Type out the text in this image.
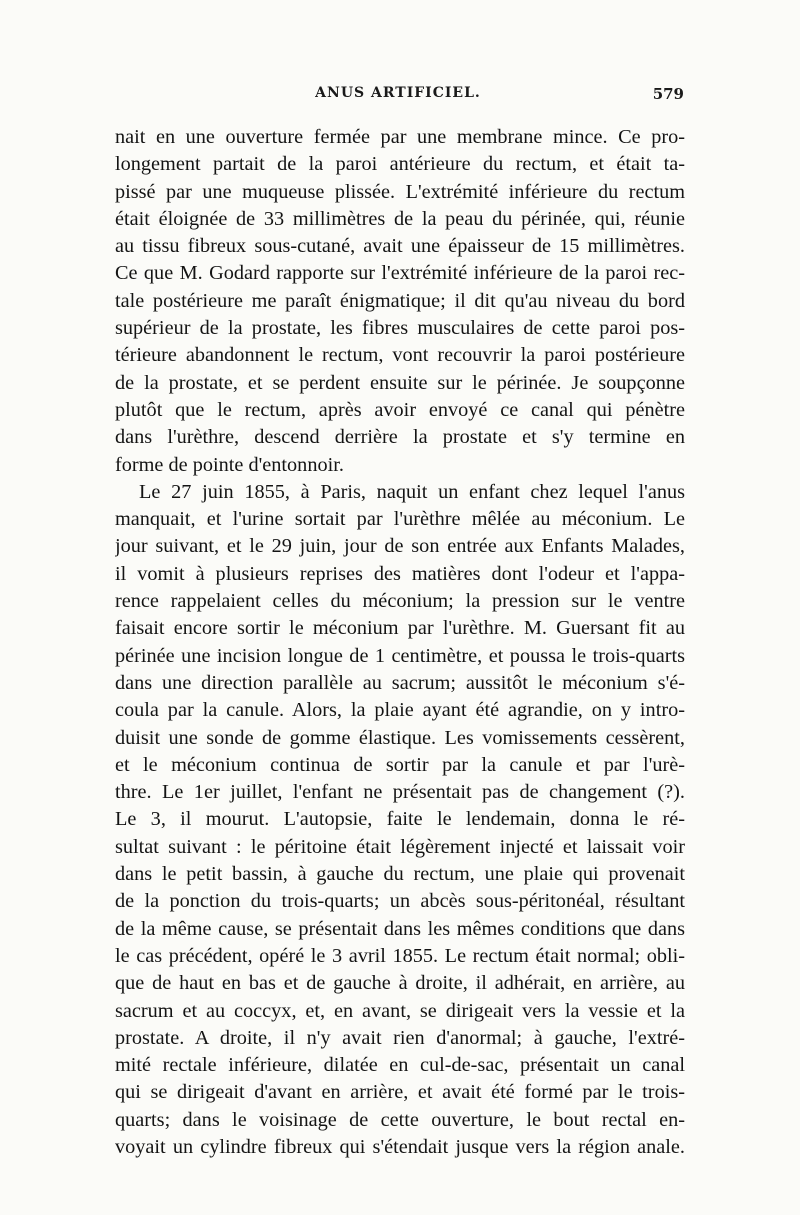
ANUS ARTIFICIEL.	579
nait en une ouverture fermée par une membrane mince. Ce pro-
longement partait de la paroi antérieure du rectum, et était ta-
pissé par une muqueuse plissée. L'extrémité inférieure du rectum
était éloignée de 33 millimètres de la peau du périnée, qui, réunie
au tissu fibreux sous-cutané, avait une épaisseur de 15 millimètres.
Ce que M. Godard rapporte sur l'extrémité inférieure de la paroi rec-
tale postérieure me paraît énigmatique; il dit qu'au niveau du bord
supérieur de la prostate, les fibres musculaires de cette paroi pos-
térieure abandonnent le rectum, vont recouvrir la paroi postérieure
de la prostate, et se perdent ensuite sur le périnée. Je soupçonne
plutôt que le rectum, après avoir envoyé ce canal qui pénètre
dans l'urèthre, descend derrière la prostate et s'y termine en
forme de pointe d'entonnoir.
Le 27 juin 1855, à Paris, naquit un enfant chez lequel l'anus
manquait, et l'urine sortait par l'urèthre mêlée au méconium. Le
jour suivant, et le 29 juin, jour de son entrée aux Enfants Malades,
il vomit à plusieurs reprises des matières dont l'odeur et l'appa-
rence rappelaient celles du méconium; la pression sur le ventre
faisait encore sortir le méconium par l'urèthre. M. Guersant fit au
périnée une incision longue de 1 centimètre, et poussa le trois-quarts
dans une direction parallèle au sacrum; aussitôt le méconium s'é-
coula par la canule. Alors, la plaie ayant été agrandie, on y intro-
duisit une sonde de gomme élastique. Les vomissements cessèrent,
et le méconium continua de sortir par la canule et par l'urè-
thre. Le 1er juillet, l'enfant ne présentait pas de changement (?).
Le 3, il mourut. L'autopsie, faite le lendemain, donna le ré-
sultat suivant : le péritoine était légèrement injecté et laissait voir
dans le petit bassin, à gauche du rectum, une plaie qui provenait
de la ponction du trois-quarts; un abcès sous-péritonéal, résultant
de la même cause, se présentait dans les mêmes conditions que dans
le cas précédent, opéré le 3 avril 1855. Le rectum était normal; obli-
que de haut en bas et de gauche à droite, il adhérait, en arrière, au
sacrum et au coccyx, et, en avant, se dirigeait vers la vessie et la
prostate. A droite, il n'y avait rien d'anormal; à gauche, l'extré-
mité rectale inférieure, dilatée en cul-de-sac, présentait un canal
qui se dirigeait d'avant en arrière, et avait été formé par le trois-
quarts; dans le voisinage de cette ouverture, le bout rectal en-
voyait un cylindre fibreux qui s'étendait jusque vers la région anale.
